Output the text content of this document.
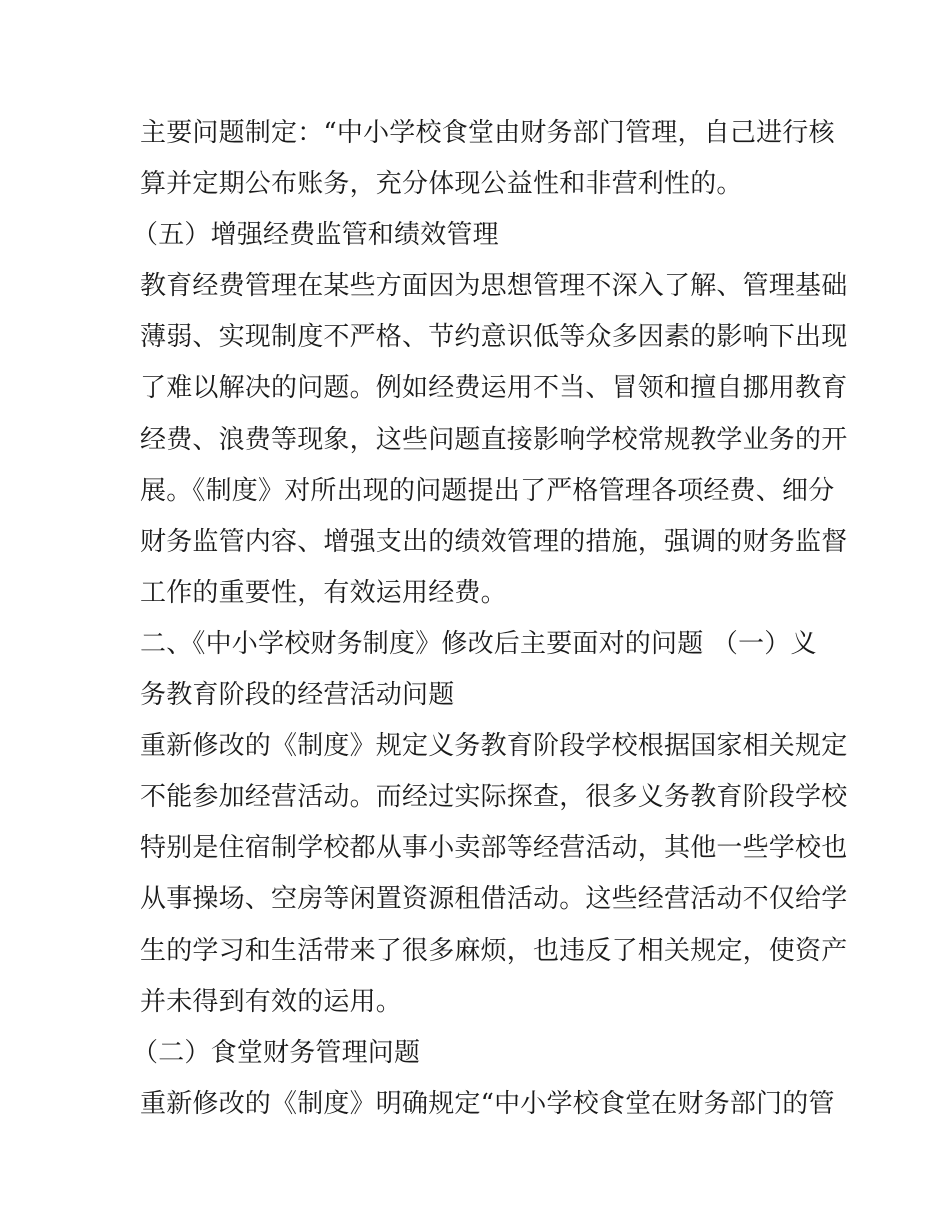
主要问题制定：“中小学校食堂由财务部门管理，自己进行核
算并定期公布账务，充分体现公益性和非营利性的。
（五）增强经费监管和绩效管理
教育经费管理在某些方面因为思想管理不深入了解、管理基础
薄弱、实现制度不严格、节约意识低等众多因素的影响下出现
了难以解决的问题。例如经费运用不当、冒领和擅自挪用教育
经费、浪费等现象，这些问题直接影响学校常规教学业务的开
展。《制度》对所出现的问题提出了严格管理各项经费、细分
财务监管内容、增强支出的绩效管理的措施，强调的财务监督
工作的重要性，有效运用经费。
二、《中小学校财务制度》修改后主要面对的问题 （一）义
务教育阶段的经营活动问题
重新修改的《制度》规定义务教育阶段学校根据国家相关规定
不能参加经营活动。而经过实际探查，很多义务教育阶段学校
特别是住宿制学校都从事小卖部等经营活动，其他一些学校也
从事操场、空房等闲置资源租借活动。这些经营活动不仅给学
生的学习和生活带来了很多麻烦，也违反了相关规定，使资产
并未得到有效的运用。
（二）食堂财务管理问题
重新修改的《制度》明确规定“中小学校食堂在财务部门的管
